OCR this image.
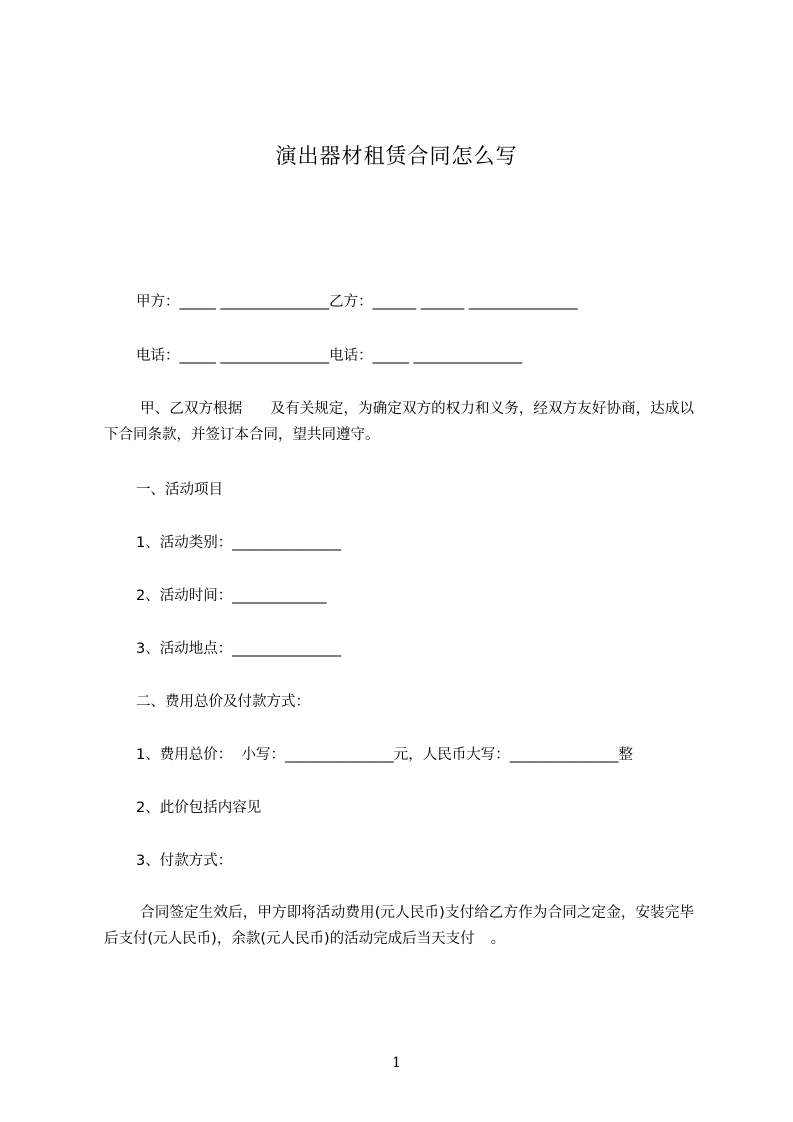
演出器材租赁合同怎么写
甲方：_____ _______________乙方：______ ______ _______________
电话：_____ _______________电话：_____ _______________
甲、乙双方根据 及有关规定，为确定双方的权力和义务，经双方友好协商，达成以下合同条款，并签订本合同，望共同遵守。
一、活动项目
1、活动类别：_______________
2、活动时间：_____________
3、活动地点：_______________
二、费用总价及付款方式：
1、费用总价：  小写：_______________元，人民币大写：_______________整
2、此价包括内容见
3、付款方式：
合同签定生效后，甲方即将活动费用(元人民币)支付给乙方作为合同之定金，安装完毕后支付(元人民币)，余款(元人民币)的活动完成后当天支付 。
1
